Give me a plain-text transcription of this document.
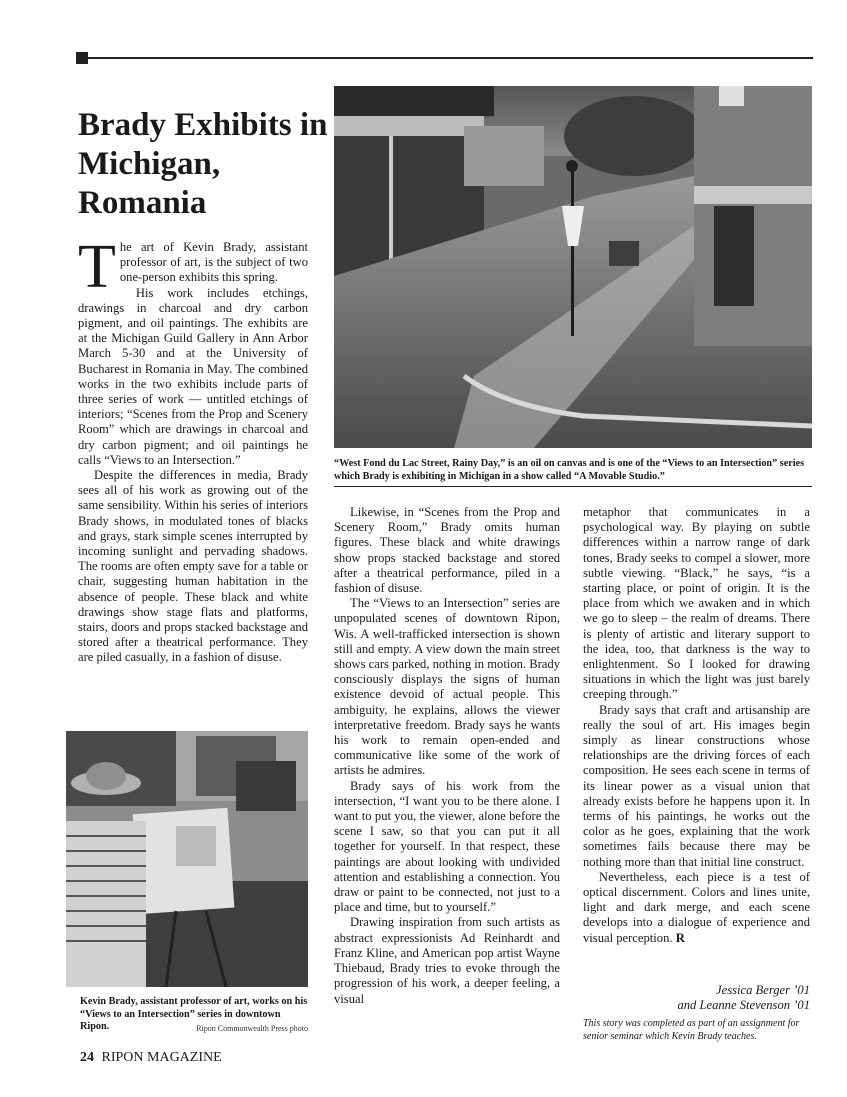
Brady Exhibits in Michigan, Romania

The art of Kevin Brady, assistant professor of art, is the subject of two one-person exhibits this spring.

His work includes etchings, drawings in charcoal and dry carbon pigment, and oil paintings. The exhibits are at the Michigan Guild Gallery in Ann Arbor March 5-30 and at the University of Bucharest in Romania in May. The combined works in the two exhibits include parts of three series of work — untitled etchings of interiors; “Scenes from the Prop and Scenery Room” which are drawings in charcoal and dry carbon pigment; and oil paintings he calls “Views to an Intersection.”

Despite the differences in media, Brady sees all of his work as growing out of the same sensibility. Within his series of interiors Brady shows, in modulated tones of blacks and grays, stark simple scenes interrupted by incoming sunlight and pervading shadows. The rooms are often empty save for a table or chair, suggesting human habitation in the absence of people. These black and white drawings show stage flats and platforms, stairs, doors and props stacked backstage and stored after a theatrical performance. They are piled casually, in a fashion of disuse.

“West Fond du Lac Street, Rainy Day,” is an oil on canvas and is one of the “Views to an Intersection” series which Brady is exhibiting in Michigan in a show called “A Movable Studio.”
Kevin Brady, assistant professor of art, works on his “Views to an Intersection” series in downtown Ripon.	Ripon Commonwealth Press photo

Likewise, in “Scenes from the Prop and Scenery Room,” Brady omits human figures. These black and white drawings show props stacked backstage and stored after a theatrical performance, piled in a fashion of disuse.

The “Views to an Intersection” series are unpopulated scenes of downtown Ripon, Wis. A well-trafficked intersection is shown still and empty. A view down the main street shows cars parked, nothing in motion. Brady consciously displays the signs of human existence devoid of actual people. This ambiguity, he explains, allows the viewer interpretative freedom. Brady says he wants his work to remain open-ended and communicative like some of the work of artists he admires.

Brady says of his work from the intersection, “I want you to be there alone. I want to put you, the viewer, alone before the scene I saw, so that you can put it all together for yourself. In that respect, these paintings are about looking with undivided attention and establishing a connection. You draw or paint to be connected, not just to a place and time, but to yourself.”

Drawing inspiration from such artists as abstract expressionists Ad Reinhardt and Franz Kline, and American pop artist Wayne Thiebaud, Brady tries to evoke through the progression of his work, a deeper feeling, a visual

metaphor that communicates in a psychological way. By playing on subtle differences within a narrow range of dark tones, Brady seeks to compel a slower, more subtle viewing. “Black,” he says, “is a starting place, or point of origin. It is the place from which we awaken and in which we go to sleep – the realm of dreams. There is plenty of artistic and literary support to the idea, too, that darkness is the way to enlightenment. So I looked for drawing situations in which the light was just barely creeping through.”

Brady says that craft and artisanship are really the soul of art. His images begin simply as linear constructions whose relationships are the driving forces of each composition. He sees each scene in terms of its linear power as a visual union that already exists before he happens upon it. In terms of his paintings, he works out the color as he goes, explaining that the work sometimes fails because there may be nothing more than that initial line construct.

Nevertheless, each piece is a test of optical discernment. Colors and lines unite, light and dark merge, and each scene develops into a dialogue of experience and visual perception. R

Jessica Berger ’01
and Leanne Stevenson ’01
This story was completed as part of an assignment for senior seminar which Kevin Brady teaches.
24 RIPON MAGAZINE
